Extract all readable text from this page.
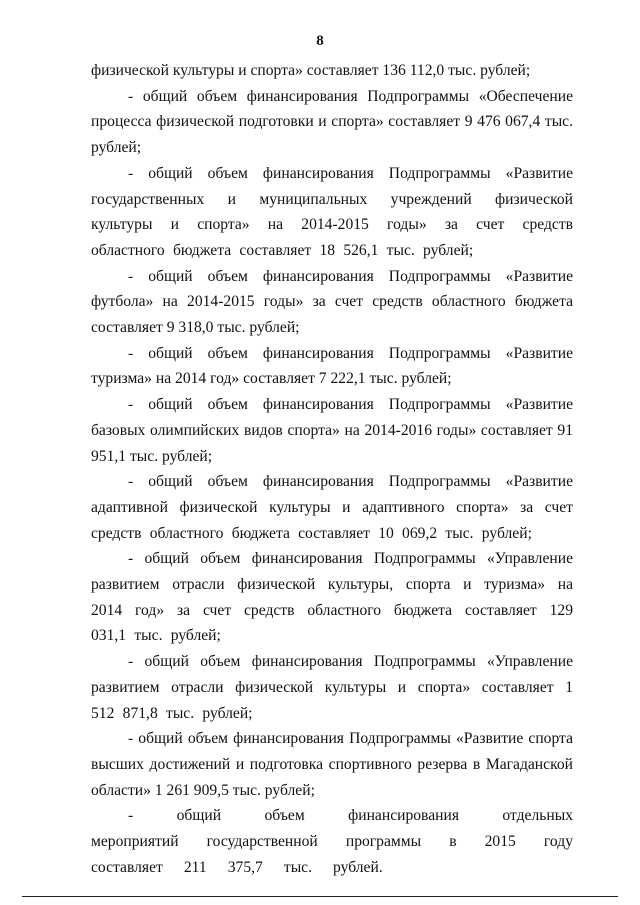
8

физической культуры и спорта» составляет 136 112,0 тыс. рублей;

- общий объем финансирования Подпрограммы «Обеспечение процесса физической подготовки и спорта» составляет 9 476 067,4 тыс. рублей;

- общий объем финансирования Подпрограммы «Развитие государственных и муниципальных учреждений физической культуры и спорта» на 2014-2015 годы» за счет средств областного бюджета составляет 18 526,1 тыс. рублей;

- общий объем финансирования Подпрограммы «Развитие футбола» на 2014-2015 годы» за счет средств областного бюджета составляет 9 318,0 тыс. рублей;

- общий объем финансирования Подпрограммы «Развитие туризма» на 2014 год» составляет 7 222,1 тыс. рублей;

- общий объем финансирования Подпрограммы «Развитие базовых олимпийских видов спорта» на 2014-2016 годы» составляет 91 951,1 тыс. рублей;

- общий объем финансирования Подпрограммы «Развитие адаптивной физической культуры и адаптивного спорта» за счет средств областного бюджета составляет 10 069,2 тыс. рублей;

- общий объем финансирования Подпрограммы «Управление развитием отрасли физической культуры, спорта и туризма» на 2014 год» за счет средств областного бюджета составляет 129 031,1 тыс. рублей;

- общий объем финансирования Подпрограммы «Управление развитием отрасли физической культуры и спорта» составляет 1 512 871,8 тыс. рублей;

- общий объем финансирования Подпрограммы «Развитие спорта высших достижений и подготовка спортивного резерва в Магаданской области» 1 261 909,5 тыс. рублей;

- общий объем финансирования отдельных мероприятий государственной программы в 2015 году составляет 211 375,7 тыс. рублей.
